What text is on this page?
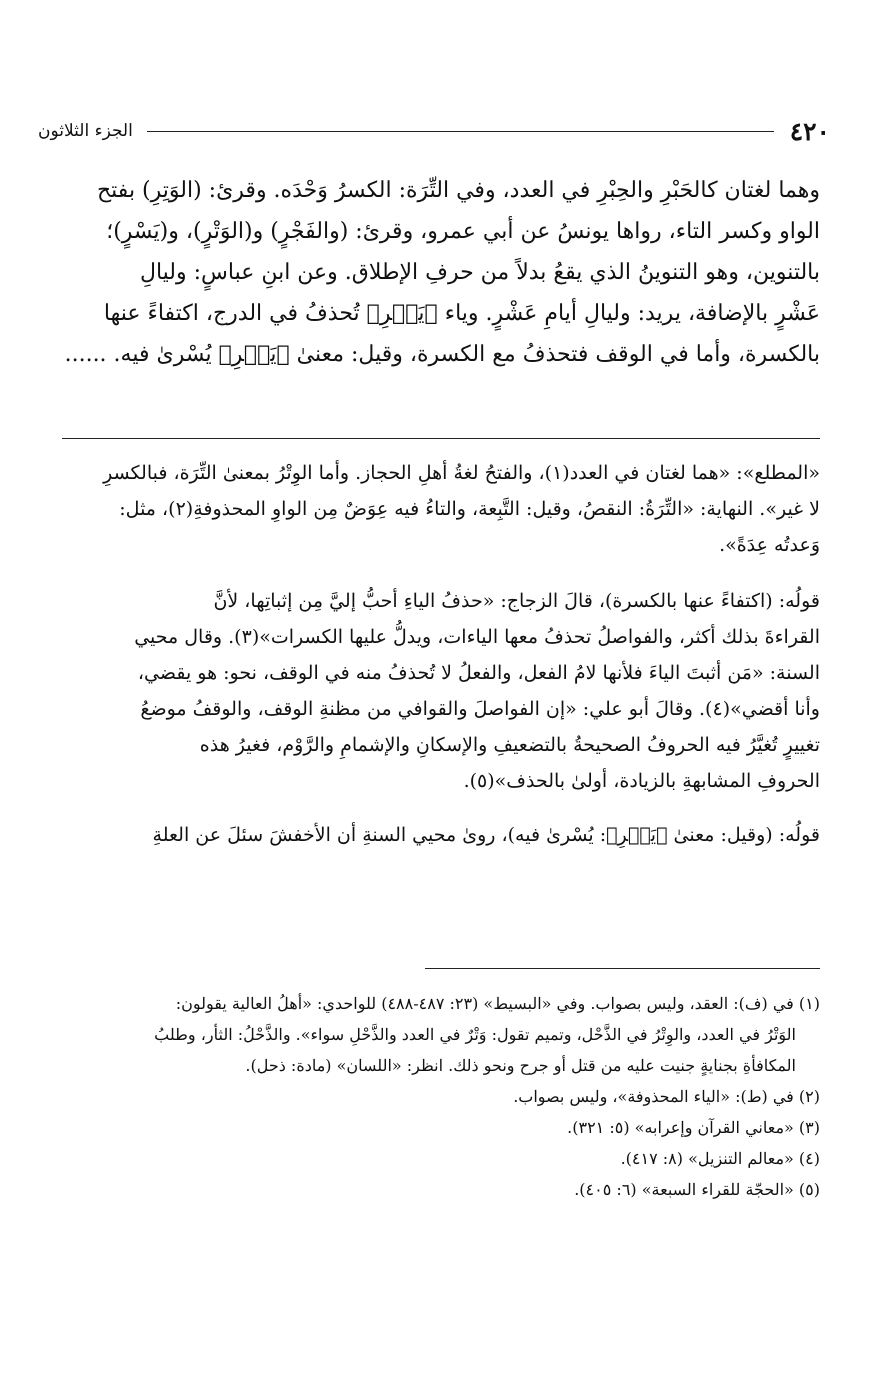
٤٢٠
الجزء الثلاثون

وهما لغتان كالحَبْرِ والحِبْرِ في العدد، وفي التِّرَة: الكسرُ وَحْدَه. وقرئ: (الوَتِرِ) بفتح

الواو وكسر التاء، رواها يونسُ عن أبي عمرو، وقرئ: (والفَجْرٍ) و(الوَتْرٍ)، و(يَسْرٍ)؛

بالتنوين، وهو التنوينُ الذي يقعُ بدلاً من حرفِ الإطلاق. وعن ابنِ عباسٍ: وليالِ

عَشْرٍ بالإضافة، يريد: وليالِ أيامِ عَشْرٍ. وياء ﴿يَسۡرِ﴾ تُحذفُ في الدرج، اكتفاءً عنها

بالكسرة، وأما في الوقف فتحذفُ مع الكسرة، وقيل: معنىٰ ﴿يَسۡرِ﴾ يُسْرىٰ فيه. ......

«المطلع»: «هما لغتان في العدد(١)، والفتحُ لغةُ أهلِ الحجاز. وأما الوِتْرُ بمعنىٰ التِّرَة، فبالكسرِ

لا غير». النهاية: «التِّرَةُ: النقصُ، وقيل: التَّبِعة، والتاءُ فيه عِوَضٌ مِن الواوِ المحذوفةِ(٢)، مثل:

وَعدتُه عِدَةً».

قولُه: (اكتفاءً عنها بالكسرة)، قالَ الزجاج: «حذفُ الياءِ أحبُّ إليَّ مِن إثباتِها، لأنَّ

القراءةَ بذلك أكثر، والفواصلُ تحذفُ معها الياءات، ويدلُّ عليها الكسرات»(٣). وقال محيي

السنة: «مَن أثبتَ الياءَ فلأنها لامُ الفعل، والفعلُ لا تُحذفُ منه في الوقف، نحو: هو يقضي،

وأنا أقضي»(٤). وقالَ أبو علي: «إن الفواصلَ والقوافي من مظنةِ الوقف، والوقفُ موضعُ

تغييرٍ تُغيَّرُ فيه الحروفُ الصحيحةُ بالتضعيفِ والإسكانِ والإشمامِ والرَّوْم، فغيرُ هذه

الحروفِ المشابهةِ بالزيادة، أولىٰ بالحذف»(٥).

قولُه: (وقيل: معنىٰ ﴿يَسۡرِ﴾: يُسْرىٰ فيه)، روىٰ محيي السنةِ أن الأخفشَ سئلَ عن العلةِ

(١) في (ف): العقد، وليس بصواب. وفي «البسيط» (٢٣: ٤٨٧-٤٨٨) للواحدي: «أهلُ العالية يقولون:

الوَتْرُ في العدد، والوِتْرُ في الذَّحْل، وتميم تقول: وَتْرٌ في العدد والذَّحْلِ سواء». والذَّحْلُ: الثأر، وطلبُ

المكافأةِ بجنايةٍ جنيت عليه من قتل أو جرح ونحو ذلك. انظر: «اللسان» (مادة: ذحل).

(٢) في (ط): «الياء المحذوفة»، وليس بصواب.

(٣) «معاني القرآن وإعرابه» (٥: ٣٢١).

(٤) «معالم التنزيل» (٨: ٤١٧).

(٥) «الحجّة للقراء السبعة» (٦: ٤٠٥).
